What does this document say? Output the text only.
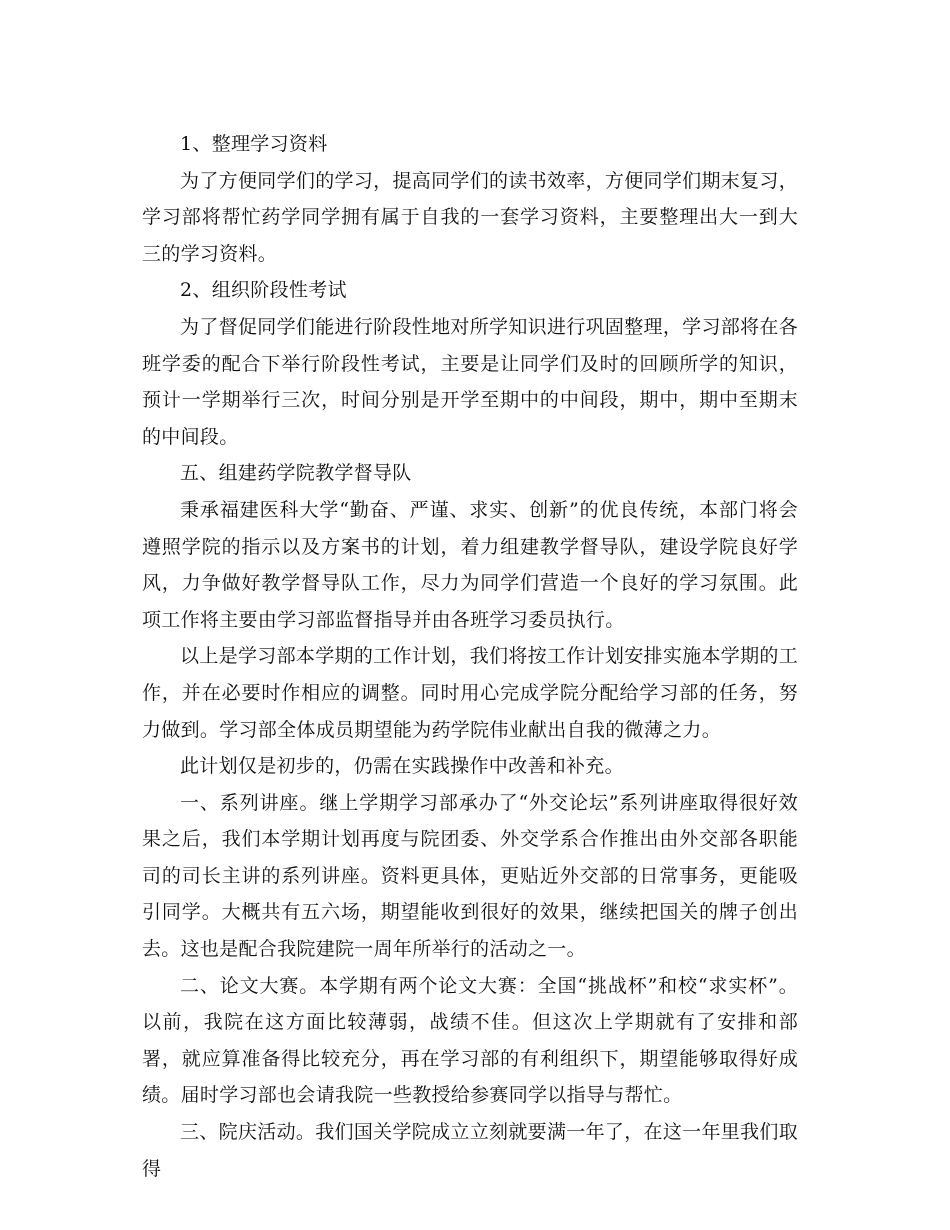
1、整理学习资料

为了方便同学们的学习，提高同学们的读书效率，方便同学们期末复习，学习部将帮忙药学同学拥有属于自我的一套学习资料，主要整理出大一到大三的学习资料。

2、组织阶段性考试

为了督促同学们能进行阶段性地对所学知识进行巩固整理，学习部将在各班学委的配合下举行阶段性考试，主要是让同学们及时的回顾所学的知识，预计一学期举行三次，时间分别是开学至期中的中间段，期中，期中至期末的中间段。

五、组建药学院教学督导队

秉承福建医科大学“勤奋、严谨、求实、创新”的优良传统，本部门将会遵照学院的指示以及方案书的计划，着力组建教学督导队，建设学院良好学风，力争做好教学督导队工作，尽力为同学们营造一个良好的学习氛围。此项工作将主要由学习部监督指导并由各班学习委员执行。

以上是学习部本学期的工作计划，我们将按工作计划安排实施本学期的工作，并在必要时作相应的调整。同时用心完成学院分配给学习部的任务，努力做到。学习部全体成员期望能为药学院伟业献出自我的微薄之力。

此计划仅是初步的，仍需在实践操作中改善和补充。

一、系列讲座。继上学期学习部承办了“外交论坛”系列讲座取得很好效果之后，我们本学期计划再度与院团委、外交学系合作推出由外交部各职能司的司长主讲的系列讲座。资料更具体，更贴近外交部的日常事务，更能吸引同学。大概共有五六场，期望能收到很好的效果，继续把国关的牌子创出去。这也是配合我院建院一周年所举行的活动之一。

二、论文大赛。本学期有两个论文大赛：全国“挑战杯”和校“求实杯”。以前，我院在这方面比较薄弱，战绩不佳。但这次上学期就有了安排和部署，就应算准备得比较充分，再在学习部的有利组织下，期望能够取得好成绩。届时学习部也会请我院一些教授给参赛同学以指导与帮忙。

三、院庆活动。我们国关学院成立立刻就要满一年了，在这一年里我们取得
